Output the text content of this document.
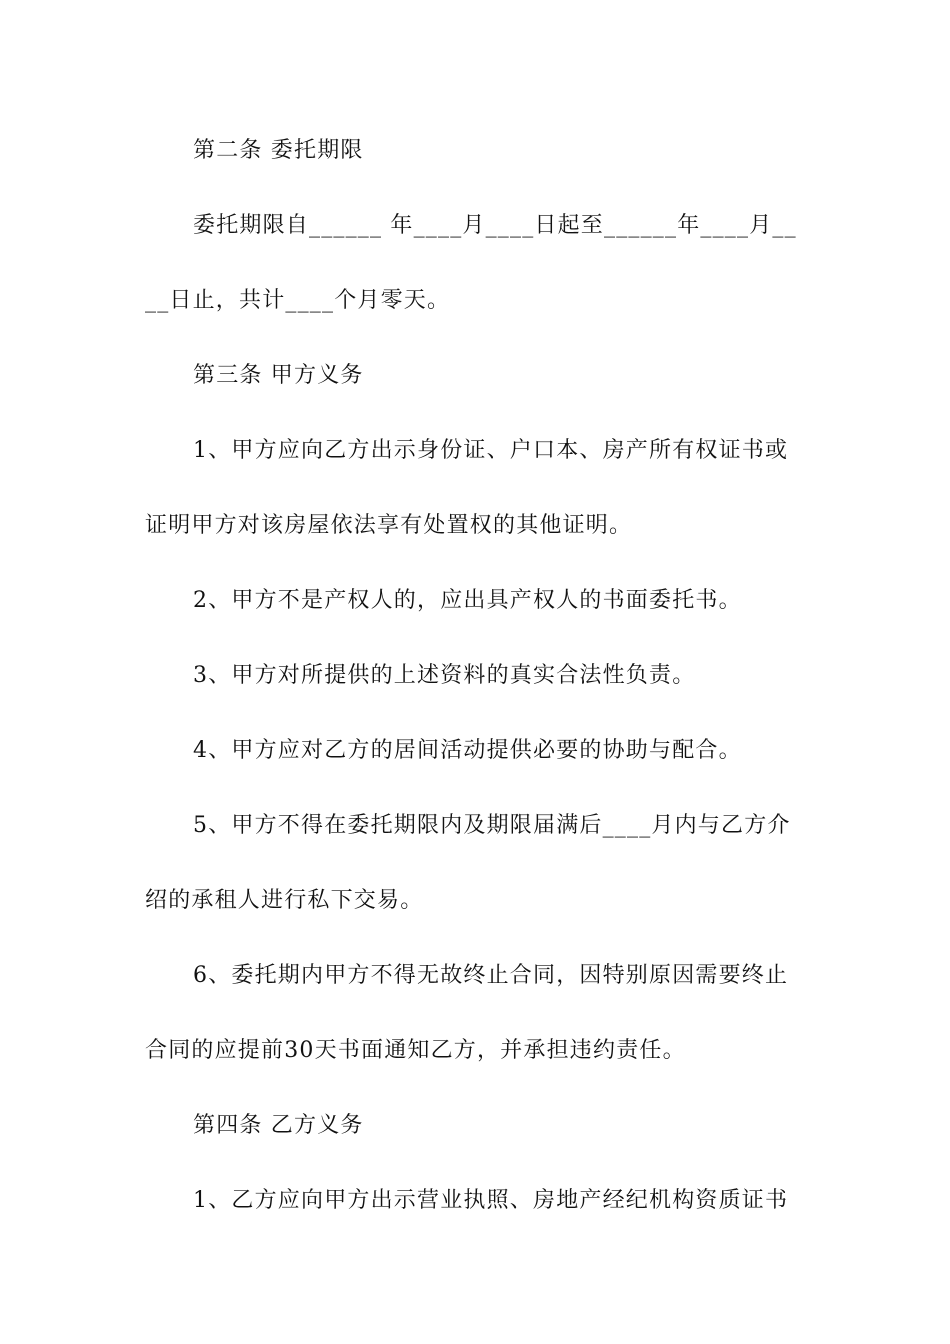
第二条 委托期限
委托期限自______ 年____月____日起至______年____月__
__日止，共计____个月零天。
第三条 甲方义务
1、甲方应向乙方出示身份证、户口本、房产所有权证书或
证明甲方对该房屋依法享有处置权的其他证明。
2、甲方不是产权人的，应出具产权人的书面委托书。
3、甲方对所提供的上述资料的真实合法性负责。
4、甲方应对乙方的居间活动提供必要的协助与配合。
5、甲方不得在委托期限内及期限届满后____月内与乙方介
绍的承租人进行私下交易。
6、委托期内甲方不得无故终止合同，因特别原因需要终止
合同的应提前30天书面通知乙方，并承担违约责任。
第四条 乙方义务
1、乙方应向甲方出示营业执照、房地产经纪机构资质证书
